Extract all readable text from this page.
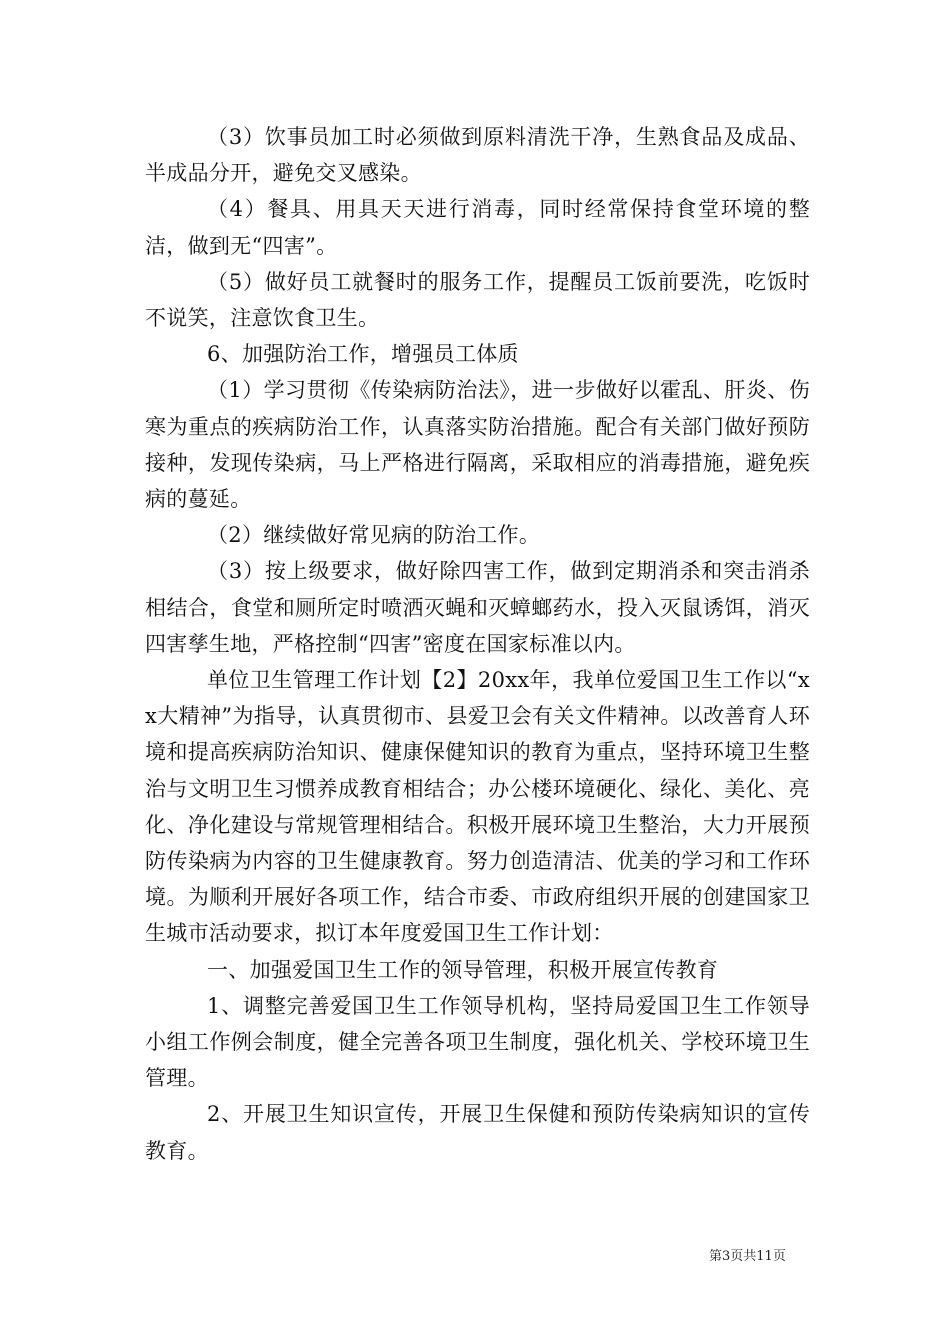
（3）饮事员加工时必须做到原料清洗干净，生熟食品及成品、半成品分开，避免交叉感染。

（4）餐具、用具天天进行消毒，同时经常保持食堂环境的整洁，做到无“四害”。

（5）做好员工就餐时的服务工作，提醒员工饭前要洗，吃饭时不说笑，注意饮食卫生。

6、加强防治工作，增强员工体质

（1）学习贯彻《传染病防治法》，进一步做好以霍乱、肝炎、伤寒为重点的疾病防治工作，认真落实防治措施。配合有关部门做好预防接种，发现传染病，马上严格进行隔离，采取相应的消毒措施，避免疾病的蔓延。

（2）继续做好常见病的防治工作。

（3）按上级要求，做好除四害工作，做到定期消杀和突击消杀相结合，食堂和厕所定时喷洒灭蝇和灭蟑螂药水，投入灭鼠诱饵，消灭四害孳生地，严格控制“四害”密度在国家标准以内。

单位卫生管理工作计划【2】20xx年，我单位爱国卫生工作以“xx大精神”为指导，认真贯彻市、县爱卫会有关文件精神。以改善育人环境和提高疾病防治知识、健康保健知识的教育为重点，坚持环境卫生整治与文明卫生习惯养成教育相结合；办公楼环境硬化、绿化、美化、亮化、净化建设与常规管理相结合。积极开展环境卫生整治，大力开展预防传染病为内容的卫生健康教育。努力创造清洁、优美的学习和工作环境。为顺利开展好各项工作，结合市委、市政府组织开展的创建国家卫生城市活动要求，拟订本年度爱国卫生工作计划：

一、加强爱国卫生工作的领导管理，积极开展宣传教育

1、调整完善爱国卫生工作领导机构，坚持局爱国卫生工作领导小组工作例会制度，健全完善各项卫生制度，强化机关、学校环境卫生管理。

2、开展卫生知识宣传，开展卫生保健和预防传染病知识的宣传教育。

第3页共11页
